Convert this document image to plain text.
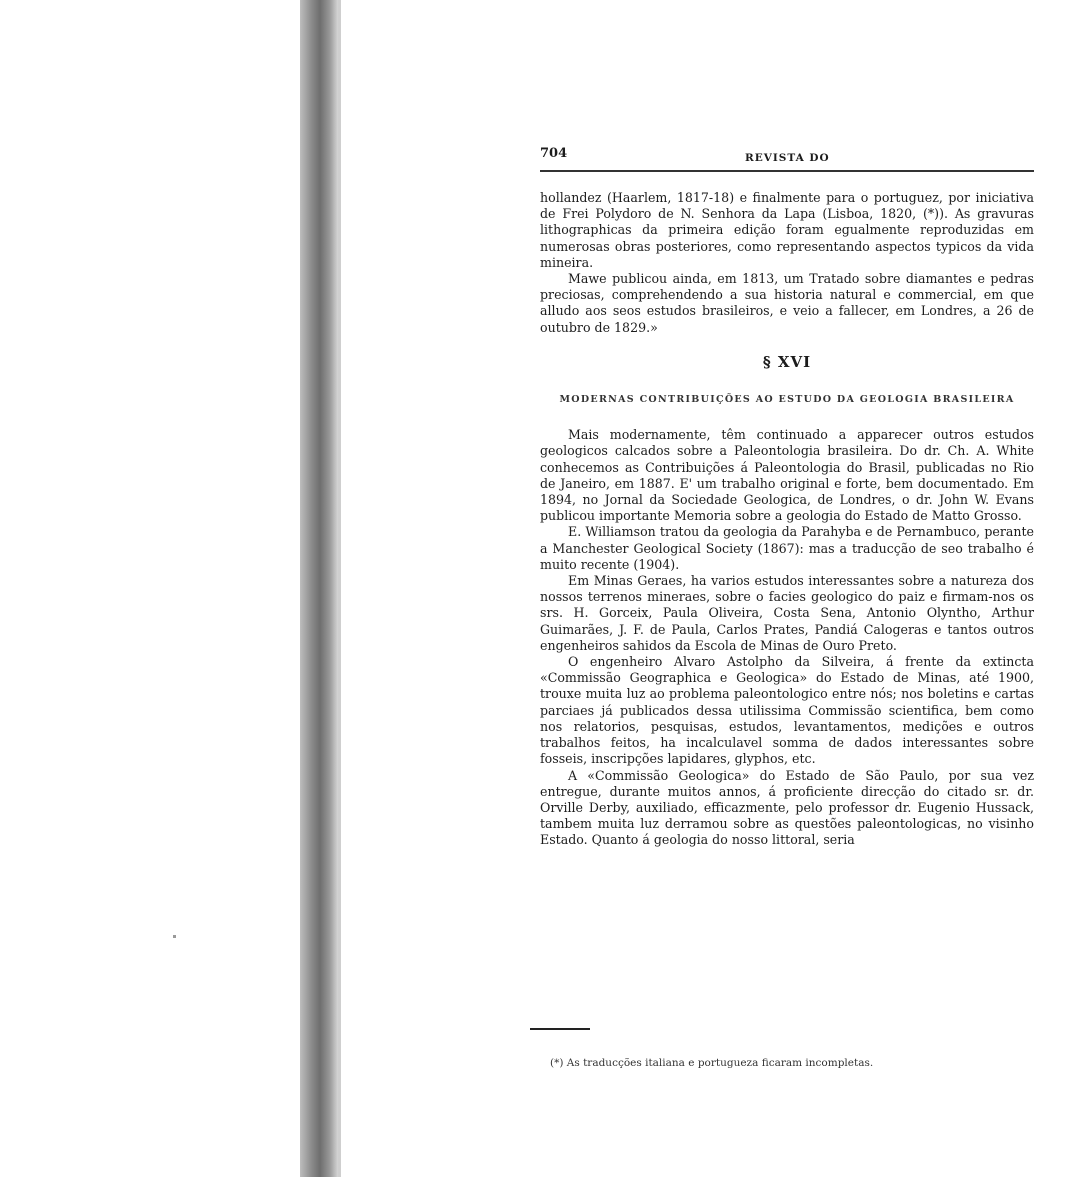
704	REVISTA DO

hollandez (Haarlem, 1817-18) e finalmente para o portuguez, por iniciativa de Frei Polydoro de N. Senhora da Lapa (Lisboa, 1820, (*)). As gravuras lithographicas da primeira edição foram egualmente reproduzidas em numerosas obras posteriores, como representando aspectos typicos da vida mineira.

Mawe publicou ainda, em 1813, um Tratado sobre diamantes e pedras preciosas, comprehendendo a sua historia natural e commercial, em que alludo aos seos estudos brasileiros, e veio a fallecer, em Londres, a 26 de outubro de 1829.»

§ XVI
MODERNAS CONTRIBUIÇÕES AO ESTUDO DA GEOLOGIA BRASILEIRA

Mais modernamente, têm continuado a apparecer outros estudos geologicos calcados sobre a Paleontologia brasileira. Do dr. Ch. A. White conhecemos as Contribuições á Paleontologia do Brasil, publicadas no Rio de Janeiro, em 1887. E' um trabalho original e forte, bem documentado. Em 1894, no Jornal da Sociedade Geologica, de Londres, o dr. John W. Evans publicou importante Memoria sobre a geologia do Estado de Matto Grosso.

E. Williamson tratou da geologia da Parahyba e de Pernambuco, perante a Manchester Geological Society (1867): mas a traducção de seo trabalho é muito recente (1904).

Em Minas Geraes, ha varios estudos interessantes sobre a natureza dos nossos terrenos mineraes, sobre o facies geologico do paiz e firmam-nos os srs. H. Gorceix, Paula Oliveira, Costa Sena, Antonio Olyntho, Arthur Guimarães, J. F. de Paula, Carlos Prates, Pandiá Calogeras e tantos outros engenheiros sahidos da Escola de Minas de Ouro Preto.

O engenheiro Alvaro Astolpho da Silveira, á frente da extincta «Commissão Geographica e Geologica» do Estado de Minas, até 1900, trouxe muita luz ao problema paleontologico entre nós; nos boletins e cartas parciaes já publicados dessa utilissima Commissão scientifica, bem como nos relatorios, pesquisas, estudos, levantamentos, medições e outros trabalhos feitos, ha incalculavel somma de dados interessantes sobre fosseis, inscripções lapidares, glyphos, etc.

A «Commissão Geologica» do Estado de São Paulo, por sua vez entregue, durante muitos annos, á proficiente direcção do citado sr. dr. Orville Derby, auxiliado, efficazmente, pelo professor dr. Eugenio Hussack, tambem muita luz derramou sobre as questões paleontologicas, no visinho Estado. Quanto á geologia do nosso littoral, seria

(*) As traducções italiana e portugueza ficaram incompletas.
